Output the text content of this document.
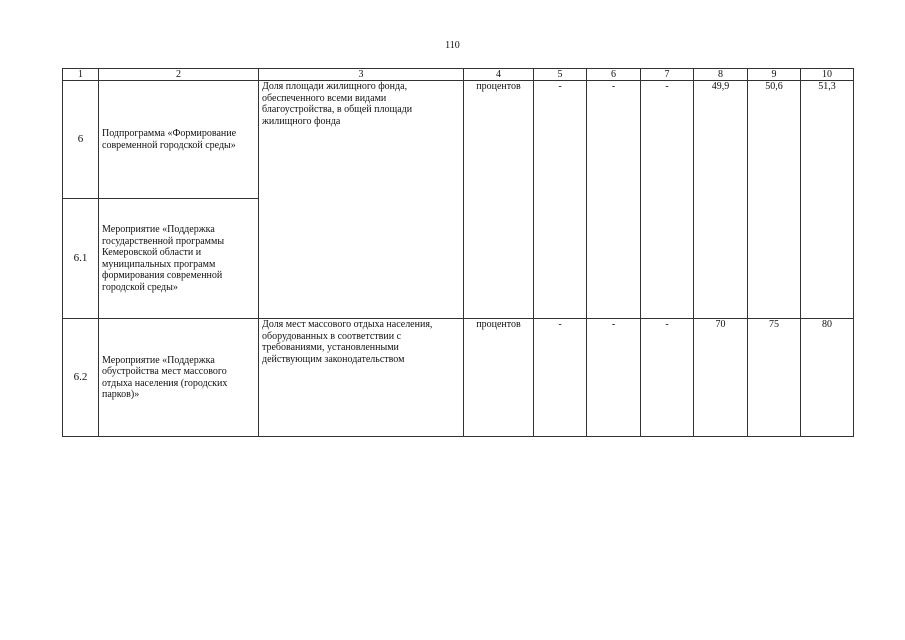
110
1	2	3	4	5	6	7	8	9	10
6	Подпрограмма «Формирование современной городской среды»	Доля площади жилищного фонда, обеспеченного всеми видами благоустройства, в общей площади жилищного фонда	процентов	-	-	-	49,9	50,6	51,3
6.1	Мероприятие «Поддержка государственной программы Кемеровской области и муниципальных программ формирования современной городской среды»								
6.2	Мероприятие «Поддержка обустройства мест массового отдыха населения (городских парков)»	Доля мест массового отдыха населения, оборудованных в соответствии с требованиями, установленными действующим законодательством	процентов	-	-	-	70	75	80
